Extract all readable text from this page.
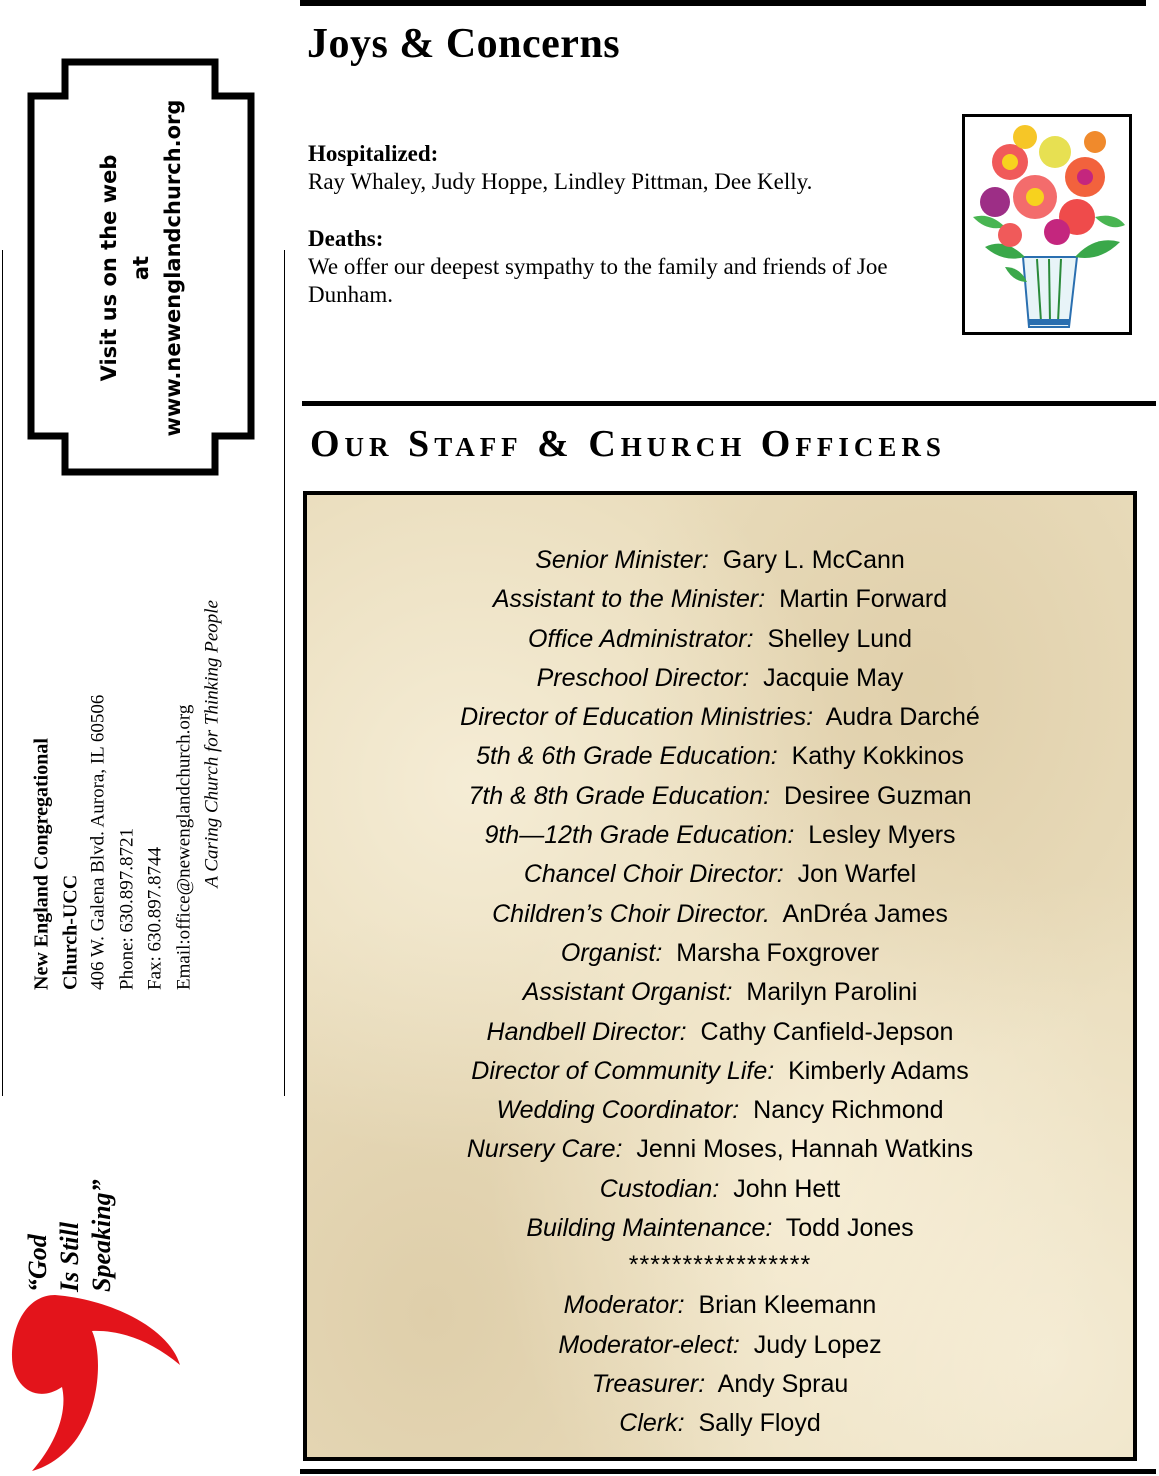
Joys & Concerns
Hospitalized:
Ray Whaley, Judy Hoppe, Lindley Pittman, Dee Kelly.
Deaths:
We offer our deepest sympathy to the family and friends of Joe Dunham.
Our Staff & Church Officers
Senior Minister: Gary L. McCann
Assistant to the Minister: Martin Forward
Office Administrator: Shelley Lund
Preschool Director: Jacquie May
Director of Education Ministries: Audra Darché
5th & 6th Grade Education: Kathy Kokkinos
7th & 8th Grade Education: Desiree Guzman
9th—12th Grade Education: Lesley Myers
Chancel Choir Director: Jon Warfel
Children’s Choir Director. AnDréa James
Organist: Marsha Foxgrover
Assistant Organist: Marilyn Parolini
Handbell Director: Cathy Canfield-Jepson
Director of Community Life: Kimberly Adams
Wedding Coordinator: Nancy Richmond
Nursery Care: Jenni Moses, Hannah Watkins
Custodian: John Hett
Building Maintenance: Todd Jones
*****************
Moderator: Brian Kleemann
Moderator-elect: Judy Lopez
Treasurer: Andy Sprau
Clerk: Sally Floyd
Visit us on the web at www.newenglandchurch.org
New England Congregational Church-UCC 406 W. Galena Blvd. Aurora, IL 60506 Phone: 630.897.8721 Fax: 630.897.8744 Email:office@newenglandchurch.org A Caring Church for Thinking People
“God Is Still Speaking”
